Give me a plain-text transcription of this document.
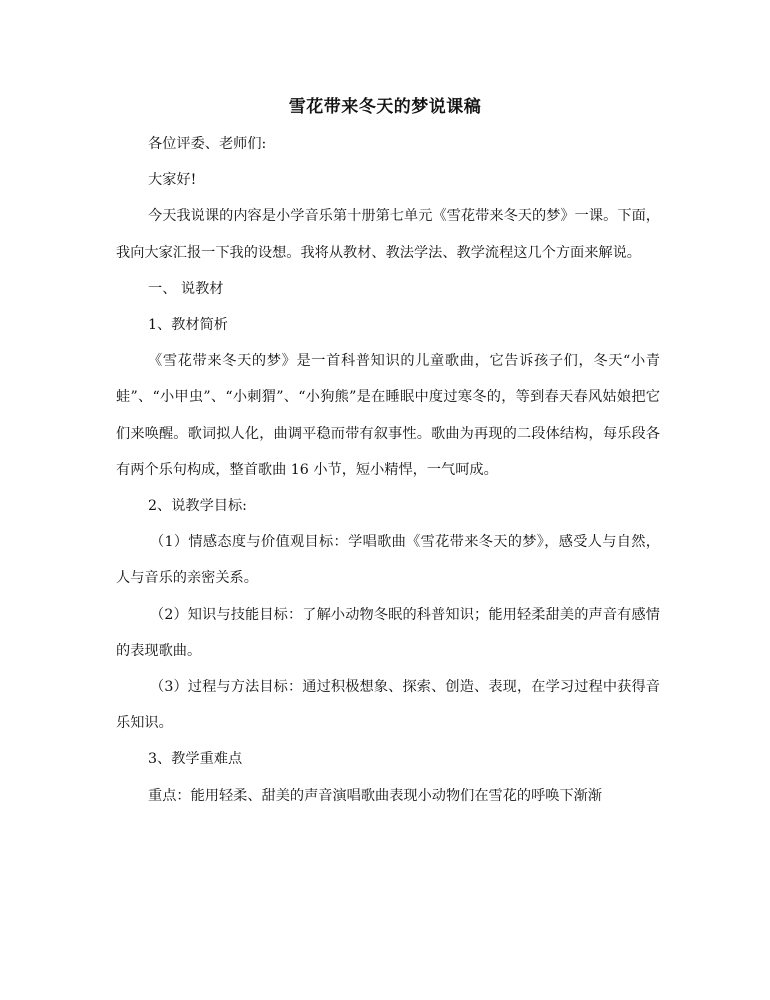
雪花带来冬天的梦说课稿

各位评委、老师们:

大家好!

今天我说课的内容是小学音乐第十册第七单元《雪花带来冬天的梦》一课。下面，我向大家汇报一下我的设想。我将从教材、教法学法、教学流程这几个方面来解说。

一、 说教材

1、教材简析

《雪花带来冬天的梦》是一首科普知识的儿童歌曲，它告诉孩子们，冬天“小青蛙”、“小甲虫”、“小刺猬”、“小狗熊”是在睡眠中度过寒冬的，等到春天春风姑娘把它们来唤醒。歌词拟人化，曲调平稳而带有叙事性。歌曲为再现的二段体结构，每乐段各有两个乐句构成，整首歌曲 16 小节，短小精悍，一气呵成。

2、说教学目标:

（1）情感态度与价值观目标：学唱歌曲《雪花带来冬天的梦》，感受人与自然，人与音乐的亲密关系。

（2）知识与技能目标：了解小动物冬眠的科普知识；能用轻柔甜美的声音有感情的表现歌曲。

（3）过程与方法目标：通过积极想象、探索、创造、表现，在学习过程中获得音乐知识。

3、教学重难点

重点：能用轻柔、甜美的声音演唱歌曲表现小动物们在雪花的呼唤下渐渐
